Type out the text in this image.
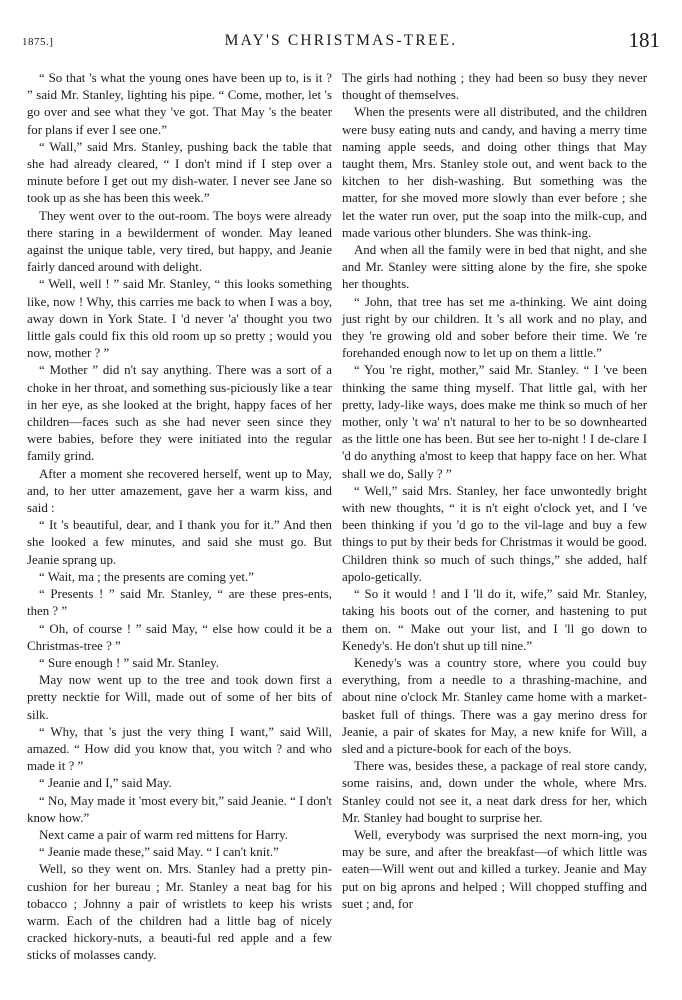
1875.]	MAY'S CHRISTMAS-TREE.	181

“ So that 's what the young ones have been up to, is it ? ” said Mr. Stanley, lighting his pipe. “ Come, mother, let 's go over and see what they 've got. That May 's the beater for plans if ever I see one.”

“ Wall,” said Mrs. Stanley, pushing back the table that she had already cleared, “ I don't mind if I step over a minute before I get out my dish-water. I never see Jane so took up as she has been this week.”

They went over to the out-room. The boys were already there staring in a bewilderment of wonder. May leaned against the unique table, very tired, but happy, and Jeanie fairly danced around with delight.

“ Well, well ! ” said Mr. Stanley, “ this looks something like, now ! Why, this carries me back to when I was a boy, away down in York State. I 'd never 'a' thought you two little gals could fix this old room up so pretty ; would you now, mother ? ”

“ Mother ” did n't say anything. There was a sort of a choke in her throat, and something sus-piciously like a tear in her eye, as she looked at the bright, happy faces of her children—faces such as she had never seen since they were babies, before they were initiated into the regular family grind.

After a moment she recovered herself, went up to May, and, to her utter amazement, gave her a warm kiss, and said :

“ It 's beautiful, dear, and I thank you for it.” And then she looked a few minutes, and said she must go. But Jeanie sprang up.

“ Wait, ma ; the presents are coming yet.”

“ Presents ! ” said Mr. Stanley, “ are these pres-ents, then ? ”

“ Oh, of course ! ” said May, “ else how could it be a Christmas-tree ? ”

“ Sure enough ! ” said Mr. Stanley.

May now went up to the tree and took down first a pretty necktie for Will, made out of some of her bits of silk.

“ Why, that 's just the very thing I want,” said Will, amazed. “ How did you know that, you witch ? and who made it ? ”

“ Jeanie and I,” said May.

“ No, May made it 'most every bit,” said Jeanie. “ I don't know how.”

Next came a pair of warm red mittens for Harry.

“ Jeanie made these,” said May. “ I can't knit.”

Well, so they went on. Mrs. Stanley had a pretty pin-cushion for her bureau ; Mr. Stanley a neat bag for his tobacco ; Johnny a pair of wristlets to keep his wrists warm. Each of the children had a little bag of nicely cracked hickory-nuts, a beauti-ful red apple and a few sticks of molasses candy.

The girls had nothing ; they had been so busy they never thought of themselves.

When the presents were all distributed, and the children were busy eating nuts and candy, and having a merry time naming apple seeds, and doing other things that May taught them, Mrs. Stanley stole out, and went back to the kitchen to her dish-washing. But something was the matter, for she moved more slowly than ever before ; she let the water run over, put the soap into the milk-cup, and made various other blunders. She was think-ing.

And when all the family were in bed that night, and she and Mr. Stanley were sitting alone by the fire, she spoke her thoughts.

“ John, that tree has set me a-thinking. We aint doing just right by our children. It 's all work and no play, and they 're growing old and sober before their time. We 're forehanded enough now to let up on them a little.”

“ You 're right, mother,” said Mr. Stanley. “ I 've been thinking the same thing myself. That little gal, with her pretty, lady-like ways, does make me think so much of her mother, only 't wa' n't natural to her to be so downhearted as the little one has been. But see her to-night ! I de-clare I 'd do anything a'most to keep that happy face on her. What shall we do, Sally ? ”

“ Well,” said Mrs. Stanley, her face unwontedly bright with new thoughts, “ it is n't eight o'clock yet, and I 've been thinking if you 'd go to the vil-lage and buy a few things to put by their beds for Christmas it would be good. Children think so much of such things,” she added, half apolo-getically.

“ So it would ! and I 'll do it, wife,” said Mr. Stanley, taking his boots out of the corner, and hastening to put them on. “ Make out your list, and I 'll go down to Kenedy's. He don't shut up till nine.”

Kenedy's was a country store, where you could buy everything, from a needle to a thrashing-machine, and about nine o'clock Mr. Stanley came home with a market-basket full of things. There was a gay merino dress for Jeanie, a pair of skates for May, a new knife for Will, a sled and a picture-book for each of the boys.

There was, besides these, a package of real store candy, some raisins, and, down under the whole, where Mrs. Stanley could not see it, a neat dark dress for her, which Mr. Stanley had bought to surprise her.

Well, everybody was surprised the next morn-ing, you may be sure, and after the breakfast—of which little was eaten—Will went out and killed a turkey. Jeanie and May put on big aprons and helped ; Will chopped stuffing and suet ; and, for
